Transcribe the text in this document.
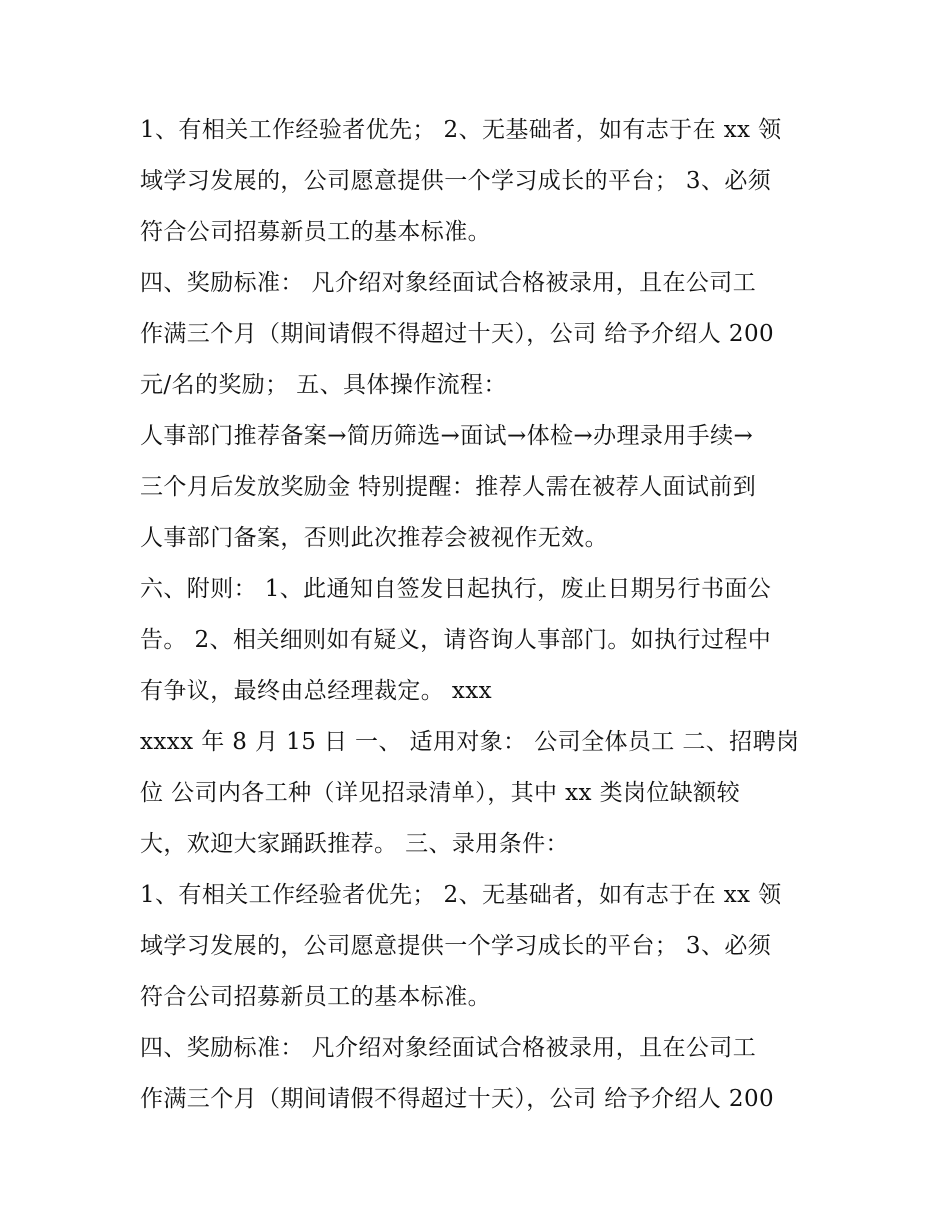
1、有相关工作经验者优先； 2、无基础者，如有志于在 xx 领
域学习发展的，公司愿意提供一个学习成长的平台； 3、必须
符合公司招募新员工的基本标准。
四、奖励标准： 凡介绍对象经面试合格被录用，且在公司工
作满三个月（期间请假不得超过十天），公司 给予介绍人 200
元/名的奖励； 五、具体操作流程：
人事部门推荐备案→简历筛选→面试→体检→办理录用手续→
三个月后发放奖励金 特别提醒：推荐人需在被荐人面试前到
人事部门备案，否则此次推荐会被视作无效。
六、附则： 1、此通知自签发日起执行，废止日期另行书面公
告。 2、相关细则如有疑义，请咨询人事部门。如执行过程中
有争议，最终由总经理裁定。 xxx
xxxx 年 8 月 15 日 一、 适用对象： 公司全体员工 二、招聘岗
位 公司内各工种（详见招录清单），其中 xx 类岗位缺额较
大，欢迎大家踊跃推荐。 三、录用条件：
1、有相关工作经验者优先； 2、无基础者，如有志于在 xx 领
域学习发展的，公司愿意提供一个学习成长的平台； 3、必须
符合公司招募新员工的基本标准。
四、奖励标准： 凡介绍对象经面试合格被录用，且在公司工
作满三个月（期间请假不得超过十天），公司 给予介绍人 200
